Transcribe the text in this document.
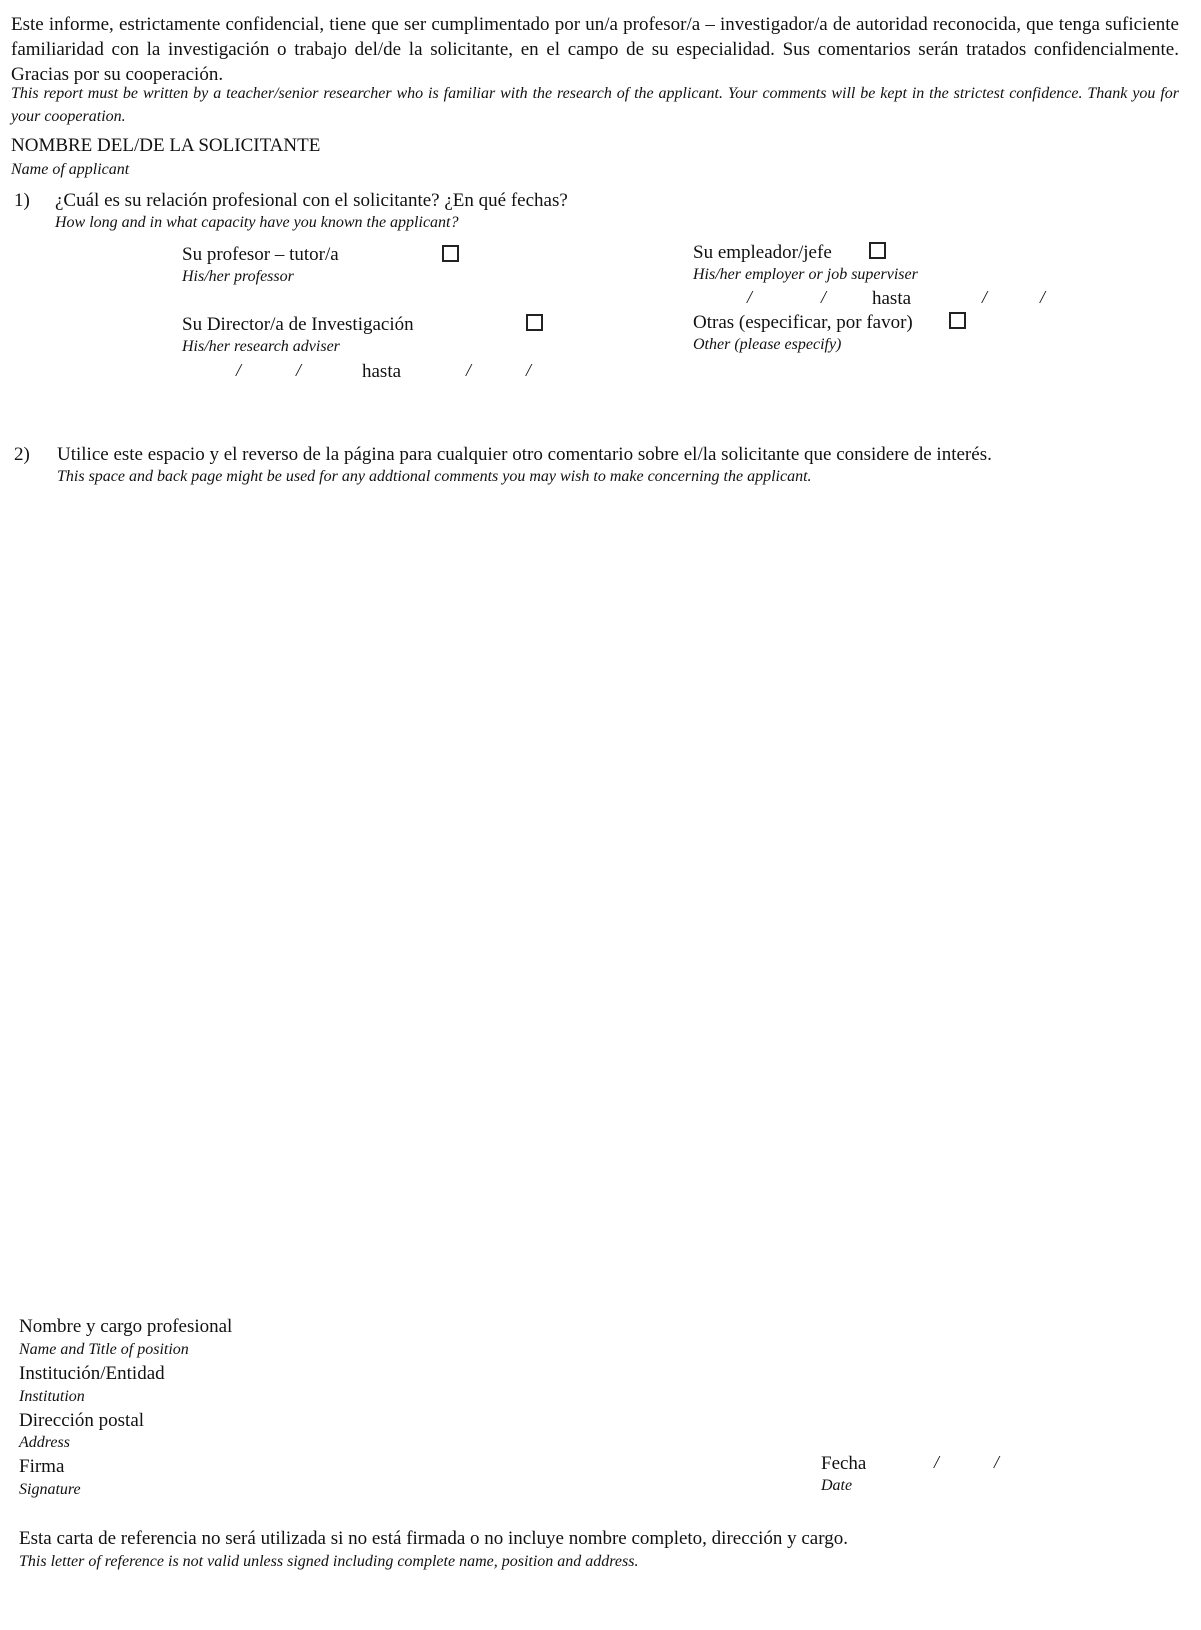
Este informe, estrictamente confidencial, tiene que ser cumplimentado por un/a profesor/a – investigador/a de autoridad reconocida, que tenga suficiente familiaridad con la investigación o trabajo del/de la solicitante, en el campo de su especialidad. Sus comentarios serán tratados confidencialmente. Gracias por su cooperación.
This report must be written by a teacher/senior researcher who is familiar with the research of the applicant. Your comments will be kept in the strictest confidence. Thank you for your cooperation.
NOMBRE DEL/DE LA SOLICITANTE
Name of applicant
1) ¿Cuál es su relación profesional con el solicitante? ¿En qué fechas?
How long and in what capacity have you known the applicant?
Su profesor – tutor/a
His/her professor
Su empleador/jefe
His/her employer or job superviser
/	/ hasta	/	/
Su Director/a de Investigación
His/her research adviser
Otras (especificar, por favor)
Other (please especify)
/	/	hasta	/	/
2) Utilice este espacio y el reverso de la página para cualquier otro comentario sobre el/la solicitante que considere de interés.
This space and back page might be used for any addtional comments you may wish to make concerning the applicant.
Nombre y cargo profesional
Name and Title of position
Institución/Entidad
Institution
Dirección postal
Address
Firma
Signature
Fecha
Date
/	/
Esta carta de referencia no será utilizada si no está firmada o no incluye nombre completo, dirección y cargo.
This letter of reference is not valid unless signed including complete name, position and address.
